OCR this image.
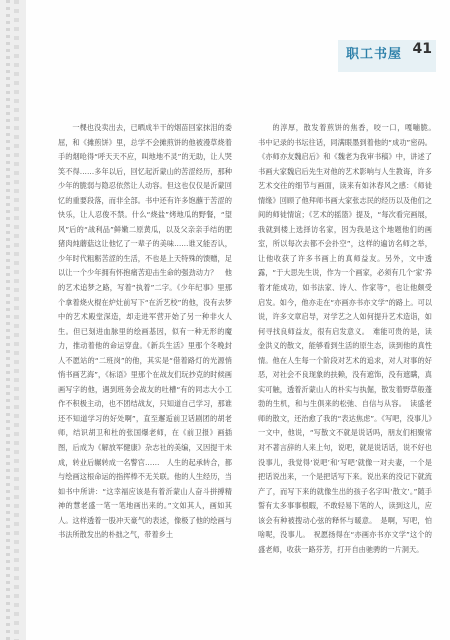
职工书屋 41

一棵也没卖出去，已晒成半干的烟苗回家抹泪的委屈，和《摊煎饼》里，总学不会摊煎饼的他被漫草烧着手的烟呛得“呼天天不应，叫地地不灵”的无助，让人哭笑不得……多年以后，回忆起沂蒙山的苦涩经历，那种少年的脆弱与隐忍依然让人动容。但这也仅仅是沂蒙回忆的重要段落，而非全部。书中还有许多饱蘸于苦涩的快乐，让人忍俊不禁。什么“烧盐”烤地瓜的野餐，“望风”后的“战利品”鲜嫩二原黄瓜，以及父亲亲手结的肥猪肉炖蘑菇这让他忆了一辈子的美味……谁又能否认，少年时代粗粝苦涩的生活，不也是上天特殊的馈赠，足以让一个少年拥有怀抱痛苦迎击生命的强劲动力？　他的艺术追梦之路，写着“执着”二字。《少年纪事》里那个拿着烧火棍在炉灶前写下“在沂艺校”的他，没有去梦中的艺术殿堂深造，却走进军营开始了另一种非火人生。但已刻进血脉里的绘画基因，似有一种无形的魔力，推动着他的命运穿盘。《新兵生活》里那个冬晚封人不愿站的“二班岗”的他，其实是“借着路灯的光源悄悄书画艺海”，《标语》里那个在战友们玩抄克的时候画画写字的他，遇到班务会战友的吐槽“有的同志大小工作不积极主动，也不团结战友，只知道自己学习，那谁还不知道学习的好处啊”，直至邂逅前卫话剧团的胡老师，结识胡卫和杜的张国爆老师，在《前卫报》画插图，后成为《解放军健康》杂志社的美编，又因提干未成，转业后辗转成一名警官……　人生的起承转合，都与绘画这根命运的指挥棒不无关联。他的人生经历，当如书中所讲：“这幸福应该是有着沂蒙山人奋斗拼搏精神的慧老盛一笔一笔地画出来的。”文如其人，画如其人。这样透着一股冲天豪气的表述，像极了他的绘画与书法所散发出的朴拙之气，带着乡土

的淳厚，散发着煎饼的焦香，咬一口，嘎嘣脆。　书中记录的书坛往话，同满眼墨到着他的“成功”密码。《亦师亦友魏启后》和《魏老为我审书稿》中，讲述了书画大家魏启后先生对他的艺术影响与人生教诲，许多艺术交往的细节与画面，读来有如沐春风之感：《师徒情缘》回顾了他拜师书画大家张志民的经历以及他们之间的师徒情谊；《艺术的摇篮》提及，“每次看完画展，我就到楼上选择访名家，因为我是这个地题他们的画室，所以每次去都不会扑空”，这样的遍访名师之举，让他收获了许多书画上的真师益友。另外，文中透露，“于大思先生说，作为一个画家，必须有几个‘家’养着才能成功，如书法家、诗人、作家等”，也让他颇受启发。如今，他亦走在“亦画亦书亦文学”的路上。可以说，许多文章启导，对学艺之人如何提升艺术造诣，如何寻找良师益友，很有启发意义。　难能可贵的是，读金洪义的散文，能够看到生活的原生态，读到他的真性情。他在人生每一个阶段对艺术的追求，对人对事的好恶，对社会不良现象的扶赖，没有遮饰，没有遮瞒，真实可触，透着沂蒙山人的朴实与执倔，散发着野草般蓬勃的生机，和与生俱来的松弛、自信与从容。　读盛老师的散文，还治愈了我的“表达焦虑”。《写吧，没事儿》一文中，他说，“写散文不就是说话吗，朋友们相聚常对不著言辞的人来上句，说吧，就是说话话，说不好也没事儿，我觉得‘说吧’和‘写吧’就像一对夫妻，一个是把话说出来，一个是把话写下来。说出来的没记下就流产了，而写下来的就像生出的孩子名字叫‘散文’。”随手誓有太多事事根暇，不敢轻易下笔的人，读到这儿，应该会有种被搜动心弦的释怀与暖意。　是啊，写吧，怕啥呢，没事儿。　祝愿扬得在“亦画亦书亦文学”这个的盛老师，收获一路芬芳，打开自由驰骋的一片洞天。
